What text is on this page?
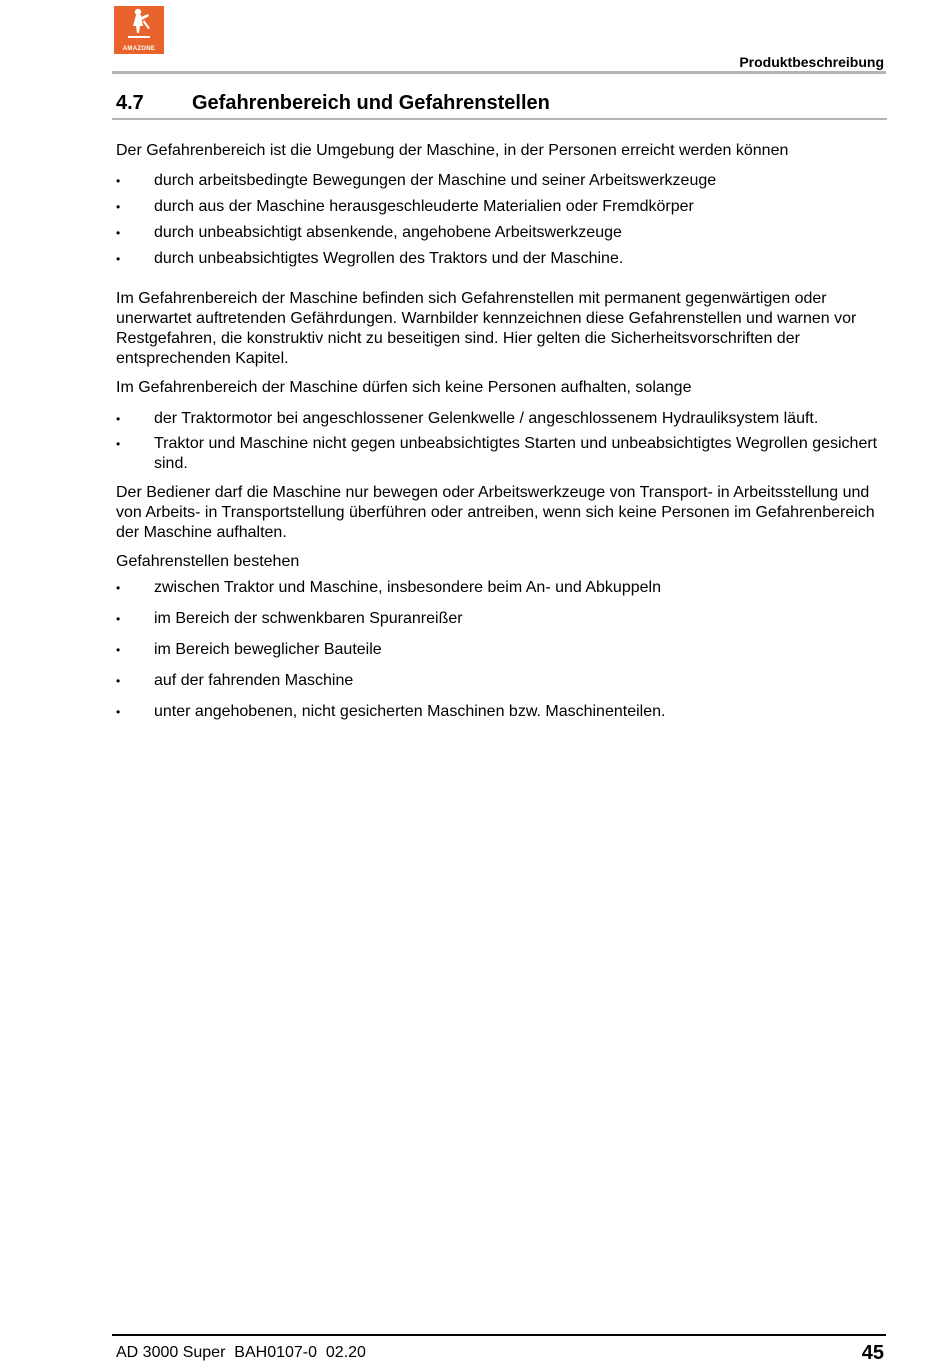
AMAZONE
Produktbeschreibung
4.7 Gefahrenbereich und Gefahrenstellen

Der Gefahrenbereich ist die Umgebung der Maschine, in der Personen erreicht werden können

• durch arbeitsbedingte Bewegungen der Maschine und seiner Arbeitswerkzeuge
• durch aus der Maschine herausgeschleuderte Materialien oder Fremdkörper
• durch unbeabsichtigt absenkende, angehobene Arbeitswerkzeuge
• durch unbeabsichtigtes Wegrollen des Traktors und der Maschine.

Im Gefahrenbereich der Maschine befinden sich Gefahrenstellen mit permanent gegenwärtigen oder unerwartet auftretenden Gefährdungen. Warnbilder kennzeichnen diese Gefahrenstellen und warnen vor Restgefahren, die konstruktiv nicht zu beseitigen sind. Hier gelten die Sicherheitsvorschriften der entsprechenden Kapitel.

Im Gefahrenbereich der Maschine dürfen sich keine Personen aufhalten, solange

• der Traktormotor bei angeschlossener Gelenkwelle / angeschlossenem Hydrauliksystem läuft.
• Traktor und Maschine nicht gegen unbeabsichtigtes Starten und unbeabsichtigtes Wegrollen gesichert sind.

Der Bediener darf die Maschine nur bewegen oder Arbeitswerkzeuge von Transport- in Arbeitsstellung und von Arbeits- in Transportstellung überführen oder antreiben, wenn sich keine Personen im Gefahrenbereich der Maschine aufhalten.

Gefahrenstellen bestehen

• zwischen Traktor und Maschine, insbesondere beim An- und Abkuppeln
• im Bereich der schwenkbaren Spuranreißer
• im Bereich beweglicher Bauteile
• auf der fahrenden Maschine
• unter angehobenen, nicht gesicherten Maschinen bzw. Maschinenteilen.
AD 3000 Super  BAH0107-0  02.20	45
